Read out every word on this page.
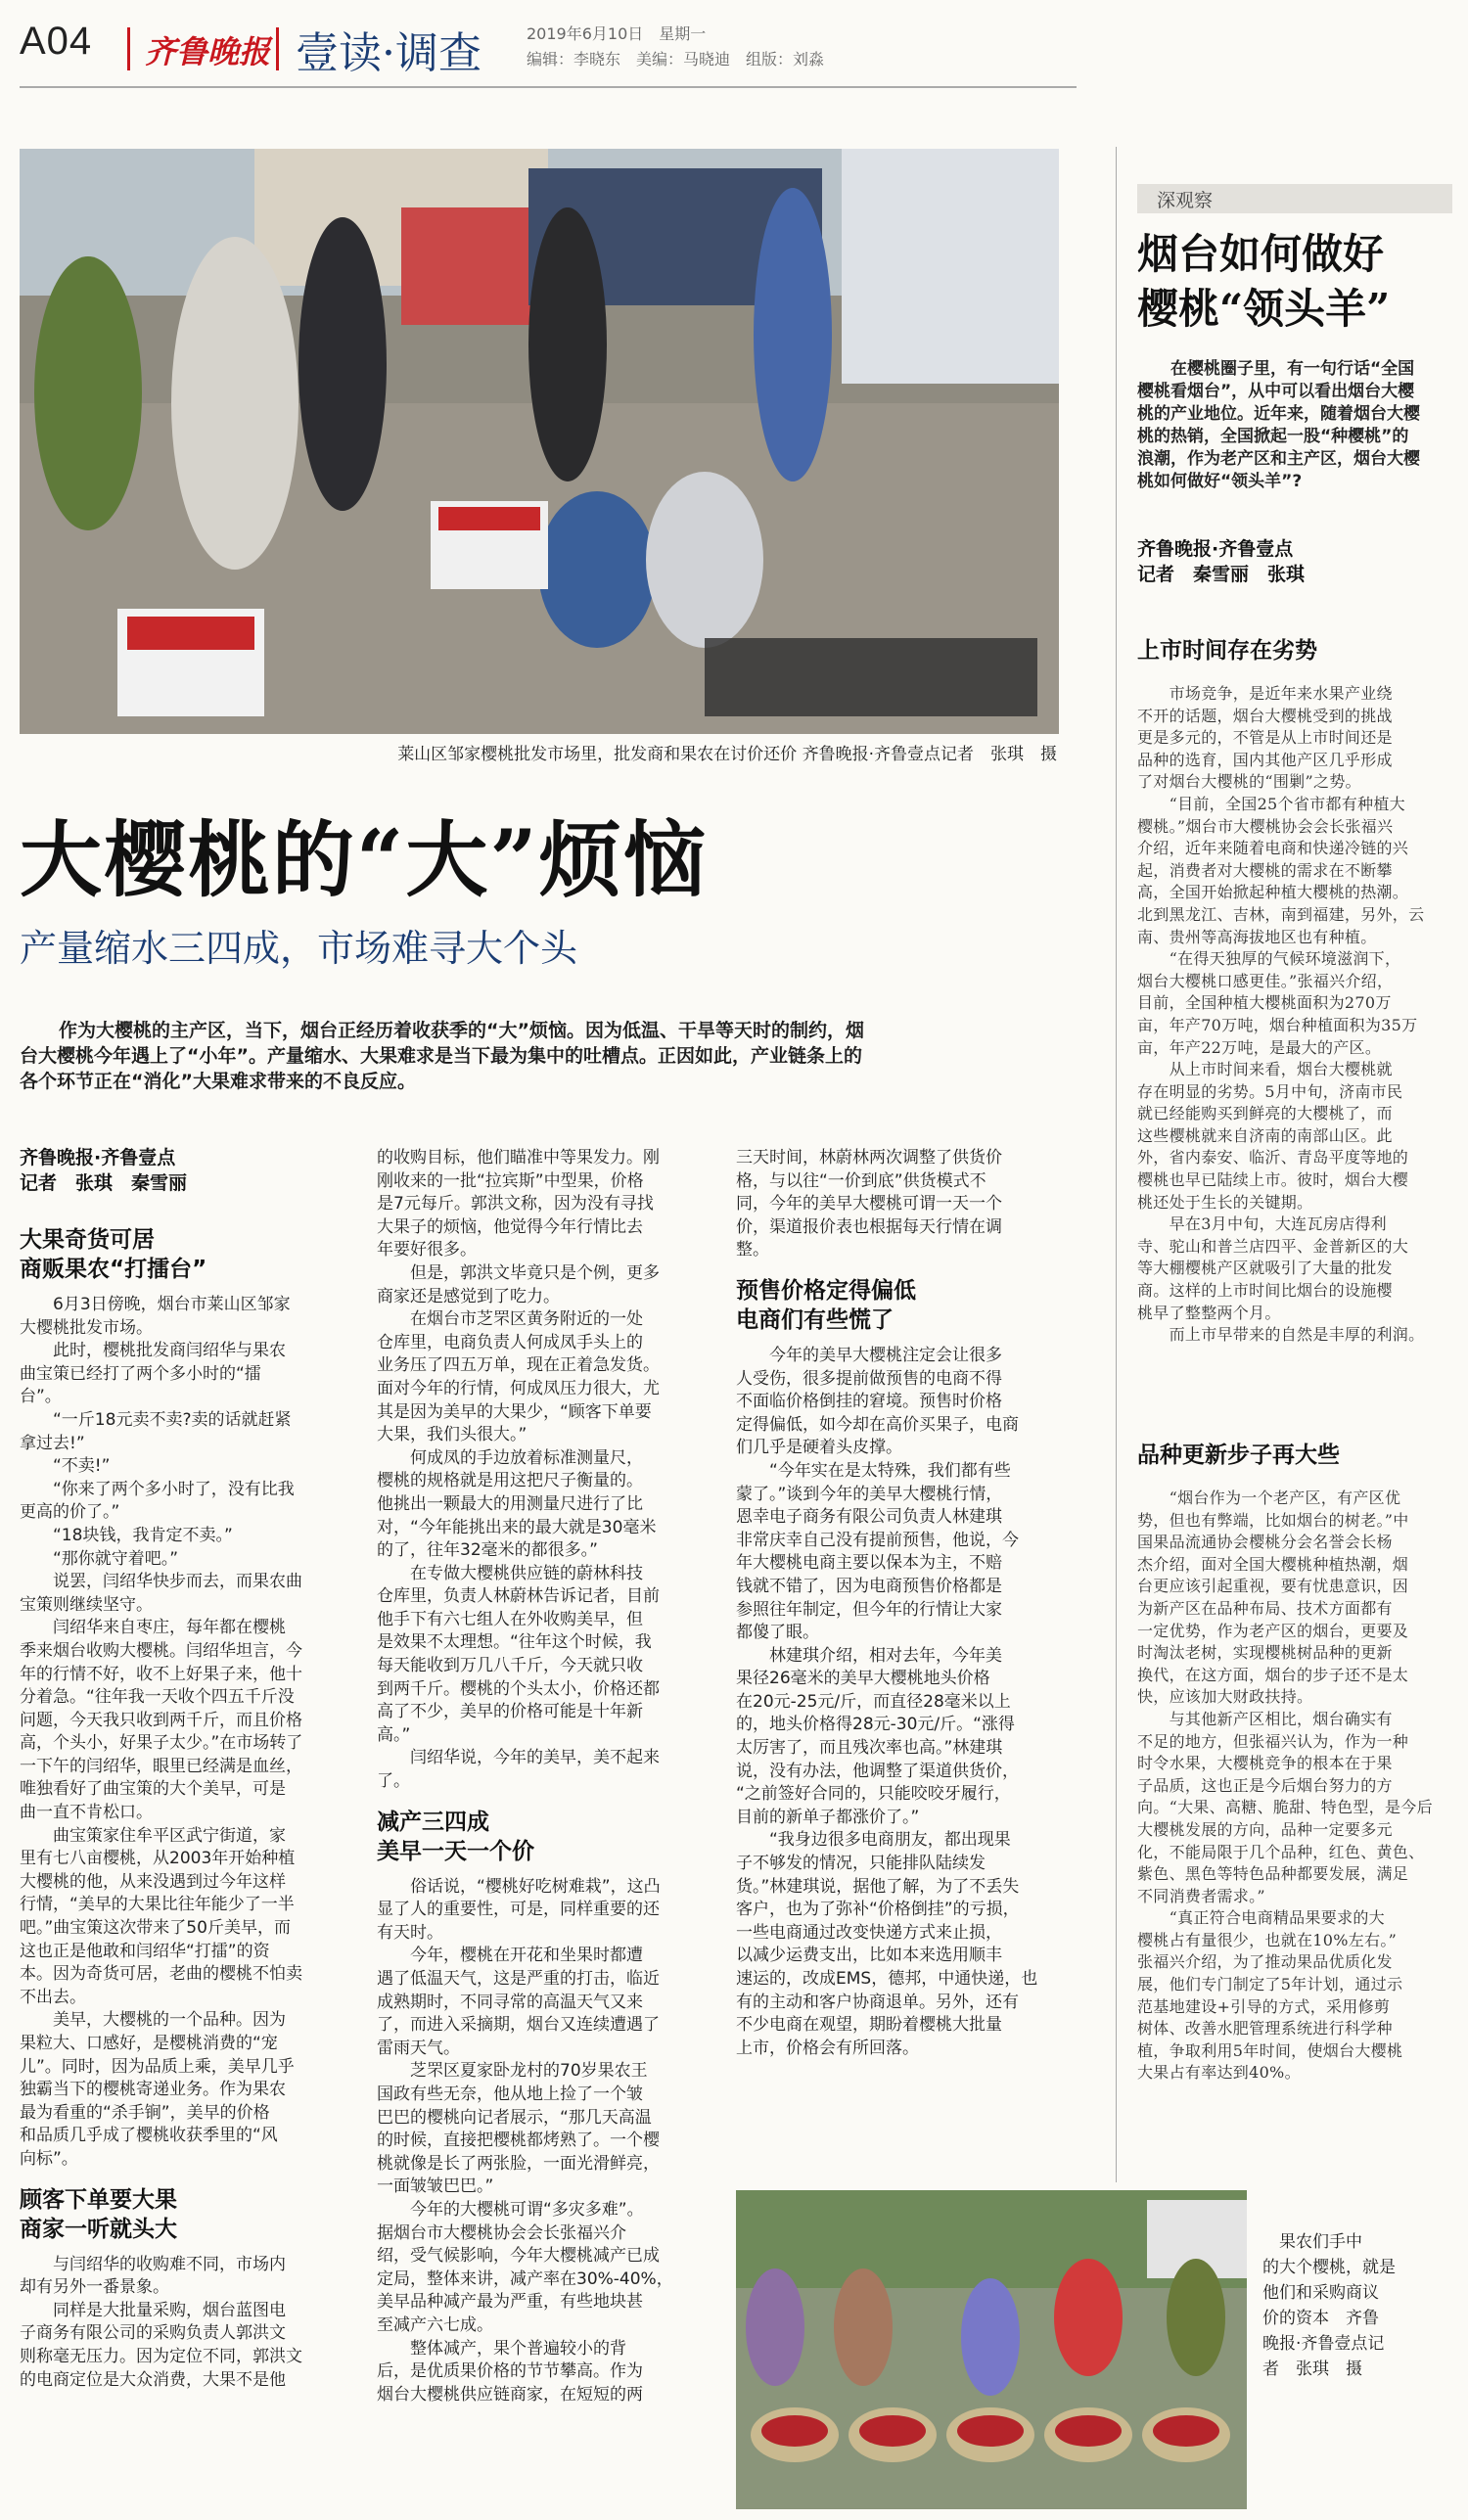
A04 齐鲁晚报 壹读·调查	2019年6月10日　星期一
编辑：李晓东　美编：马晓迪　组版：刘淼
莱山区邹家樱桃批发市场里，批发商和果农在讨价还价 齐鲁晚报·齐鲁壹点记者　张琪　摄
大樱桃的“大”烦恼
产量缩水三四成，市场难寻大个头

作为大樱桃的主产区，当下，烟台正经历着收获季的“大”烦恼。因为低温、干旱等天时的制约，烟

台大樱桃今年遇上了“小年”。产量缩水、大果难求是当下最为集中的吐槽点。正因如此，产业链条上的

各个环节正在“消化”大果难求带来的不良反应。

齐鲁晚报·齐鲁壹点

记者　张琪　秦雪丽

大果奇货可居

商贩果农“打擂台”

　　6月3日傍晚，烟台市莱山区邹家

大樱桃批发市场。

　　此时，樱桃批发商闫绍华与果农

曲宝策已经打了两个多小时的“擂

台”。

　　“一斤18元卖不卖?卖的话就赶紧

拿过去!”

　　“不卖!”

　　“你来了两个多小时了，没有比我

更高的价了。”

　　“18块钱，我肯定不卖。”

　　“那你就守着吧。”

　　说罢，闫绍华快步而去，而果农曲

宝策则继续坚守。

　　闫绍华来自枣庄，每年都在樱桃

季来烟台收购大樱桃。闫绍华坦言，今

年的行情不好，收不上好果子来，他十

分着急。“往年我一天收个四五千斤没

问题，今天我只收到两千斤，而且价格

高，个头小，好果子太少。”在市场转了

一下午的闫绍华，眼里已经满是血丝，

唯独看好了曲宝策的大个美早，可是

曲一直不肯松口。

　　曲宝策家住牟平区武宁街道，家

里有七八亩樱桃，从2003年开始种植

大樱桃的他，从来没遇到过今年这样

行情，“美早的大果比往年能少了一半

吧。”曲宝策这次带来了50斤美早，而

这也正是他敢和闫绍华“打擂”的资

本。因为奇货可居，老曲的樱桃不怕卖

不出去。

　　美早，大樱桃的一个品种。因为

果粒大、口感好，是樱桃消费的“宠

儿”。同时，因为品质上乘，美早几乎

独霸当下的樱桃寄递业务。作为果农

最为看重的“杀手锏”，美早的价格

和品质几乎成了樱桃收获季里的“风

向标”。

顾客下单要大果

商家一听就头大

　　与闫绍华的收购难不同，市场内

却有另外一番景象。

　　同样是大批量采购，烟台蓝图电

子商务有限公司的采购负责人郭洪文

则称毫无压力。因为定位不同，郭洪文

的电商定位是大众消费，大果不是他

的收购目标，他们瞄准中等果发力。刚

刚收来的一批“拉宾斯”中型果，价格

是7元每斤。郭洪文称，因为没有寻找

大果子的烦恼，他觉得今年行情比去

年要好很多。

　　但是，郭洪文毕竟只是个例，更多

商家还是感觉到了吃力。

　　在烟台市芝罘区黄务附近的一处

仓库里，电商负责人何成凤手头上的

业务压了四五万单，现在正着急发货。

面对今年的行情，何成凤压力很大，尤

其是因为美早的大果少，“顾客下单要

大果，我们头很大。”

　　何成凤的手边放着标准测量尺，

樱桃的规格就是用这把尺子衡量的。

他挑出一颗最大的用测量尺进行了比

对，“今年能挑出来的最大就是30毫米

的了，往年32毫米的都很多。”

　　在专做大樱桃供应链的蔚林科技

仓库里，负责人林蔚林告诉记者，目前

他手下有六七组人在外收购美早，但

是效果不太理想。“往年这个时候，我

每天能收到万几八千斤，今天就只收

到两千斤。樱桃的个头太小，价格还都

高了不少，美早的价格可能是十年新

高。”

　　闫绍华说，今年的美早，美不起来

了。

减产三四成

美早一天一个价

　　俗话说，“樱桃好吃树难栽”，这凸

显了人的重要性，可是，同样重要的还

有天时。

　　今年，樱桃在开花和坐果时都遭

遇了低温天气，这是严重的打击，临近

成熟期时，不同寻常的高温天气又来

了，而进入采摘期，烟台又连续遭遇了

雷雨天气。

　　芝罘区夏家卧龙村的70岁果农王

国政有些无奈，他从地上捡了一个皱

巴巴的樱桃向记者展示，“那几天高温

的时候，直接把樱桃都烤熟了。一个樱

桃就像是长了两张脸，一面光滑鲜亮，

一面皱皱巴巴。”

　　今年的大樱桃可谓“多灾多难”。

据烟台市大樱桃协会会长张福兴介

绍，受气候影响，今年大樱桃减产已成

定局，整体来讲，减产率在30%-40%，

美早品种减产最为严重，有些地块甚

至减产六七成。

　　整体减产，果个普遍较小的背

后，是优质果价格的节节攀高。作为

烟台大樱桃供应链商家，在短短的两

三天时间，林蔚林两次调整了供货价

格，与以往“一价到底”供货模式不

同，今年的美早大樱桃可谓一天一个

价，渠道报价表也根据每天行情在调

整。

预售价格定得偏低

电商们有些慌了

　　今年的美早大樱桃注定会让很多

人受伤，很多提前做预售的电商不得

不面临价格倒挂的窘境。预售时价格

定得偏低，如今却在高价买果子，电商

们几乎是硬着头皮撑。

　　“今年实在是太特殊，我们都有些

蒙了。”谈到今年的美早大樱桃行情，

恩幸电子商务有限公司负责人林建琪

非常庆幸自己没有提前预售，他说，今

年大樱桃电商主要以保本为主，不赔

钱就不错了，因为电商预售价格都是

参照往年制定，但今年的行情让大家

都傻了眼。

　　林建琪介绍，相对去年，今年美

果径26毫米的美早大樱桃地头价格

在20元-25元/斤，而直径28毫米以上

的，地头价格得28元-30元/斤。“涨得

太厉害了，而且残次率也高。”林建琪

说，没有办法，他调整了渠道供货价，

“之前签好合同的，只能咬咬牙履行，

目前的新单子都涨价了。”

　　“我身边很多电商朋友，都出现果

子不够发的情况，只能排队陆续发

货。”林建琪说，据他了解，为了不丢失

客户，也为了弥补“价格倒挂”的亏损，

一些电商通过改变快递方式来止损，

以减少运费支出，比如本来选用顺丰

速运的，改成EMS，德邦，中通快递，也

有的主动和客户协商退单。另外，还有

不少电商在观望，期盼着樱桃大批量

上市，价格会有所回落。

　果农们手中

的大个樱桃，就是

他们和采购商议

价的资本　齐鲁

晚报·齐鲁壹点记

者　张琪　摄

深观察
烟台如何做好
樱桃“领头羊”

　　在樱桃圈子里，有一句行话“全国

樱桃看烟台”，从中可以看出烟台大樱

桃的产业地位。近年来，随着烟台大樱

桃的热销，全国掀起一股“种樱桃”的

浪潮，作为老产区和主产区，烟台大樱

桃如何做好“领头羊”?

齐鲁晚报·齐鲁壹点

记者　秦雪丽　张琪

上市时间存在劣势

　　市场竞争，是近年来水果产业绕

不开的话题，烟台大樱桃受到的挑战

更是多元的，不管是从上市时间还是

品种的选育，国内其他产区几乎形成

了对烟台大樱桃的“围剿”之势。

　　“目前，全国25个省市都有种植大

樱桃。”烟台市大樱桃协会会长张福兴

介绍，近年来随着电商和快递冷链的兴

起，消费者对大樱桃的需求在不断攀

高，全国开始掀起种植大樱桃的热潮。

北到黑龙江、吉林，南到福建，另外，云

南、贵州等高海拔地区也有种植。

　　“在得天独厚的气候环境滋润下，

烟台大樱桃口感更佳。”张福兴介绍，

目前，全国种植大樱桃面积为270万

亩，年产70万吨，烟台种植面积为35万

亩，年产22万吨，是最大的产区。

　　从上市时间来看，烟台大樱桃就

存在明显的劣势。5月中旬，济南市民

就已经能购买到鲜亮的大樱桃了，而

这些樱桃就来自济南的南部山区。此

外，省内泰安、临沂、青岛平度等地的

樱桃也早已陆续上市。彼时，烟台大樱

桃还处于生长的关键期。

　　早在3月中旬，大连瓦房店得利

寺、驼山和普兰店四平、金普新区的大

等大棚樱桃产区就吸引了大量的批发

商。这样的上市时间比烟台的设施樱

桃早了整整两个月。

　　而上市早带来的自然是丰厚的利润。

品种更新步子再大些

　　“烟台作为一个老产区，有产区优

势，但也有弊端，比如烟台的树老。”中

国果品流通协会樱桃分会名誉会长杨

杰介绍，面对全国大樱桃种植热潮，烟

台更应该引起重视，要有忧患意识，因

为新产区在品种布局、技术方面都有

一定优势，作为老产区的烟台，更要及

时淘汰老树，实现樱桃树品种的更新

换代，在这方面，烟台的步子还不是太

快，应该加大财政扶持。

　　与其他新产区相比，烟台确实有

不足的地方，但张福兴认为，作为一种

时令水果，大樱桃竞争的根本在于果

子品质，这也正是今后烟台努力的方

向。“大果、高糖、脆甜、特色型，是今后

大樱桃发展的方向，品种一定要多元

化，不能局限于几个品种，红色、黄色、

紫色、黑色等特色品种都要发展，满足

不同消费者需求。”

　　“真正符合电商精品果要求的大

樱桃占有量很少，也就在10%左右。”

张福兴介绍，为了推动果品优质化发

展，他们专门制定了5年计划，通过示

范基地建设+引导的方式，采用修剪

树体、改善水肥管理系统进行科学种

植，争取利用5年时间，使烟台大樱桃

大果占有率达到40%。
